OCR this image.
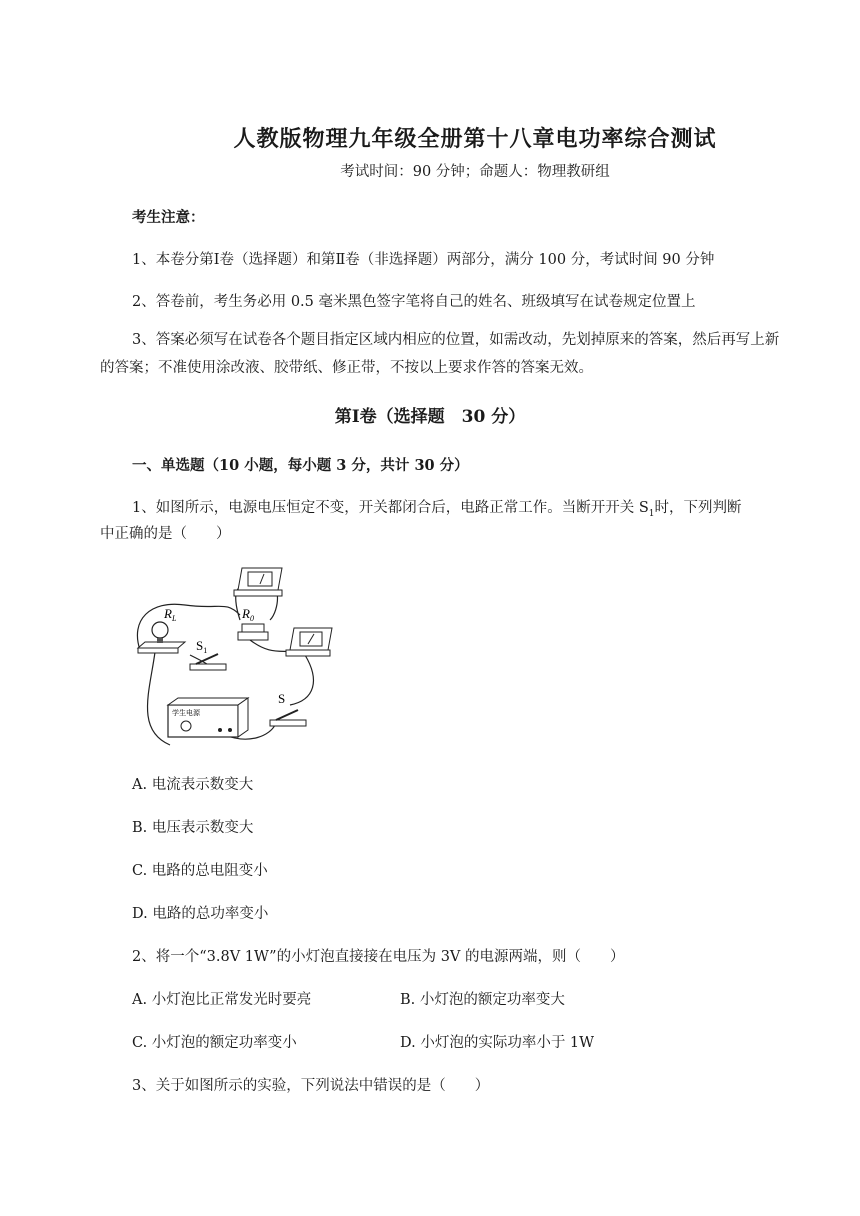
人教版物理九年级全册第十八章电功率综合测试
考试时间：90 分钟；命题人：物理教研组
考生注意：
1、本卷分第Ⅰ卷（选择题）和第Ⅱ卷（非选择题）两部分，满分 100 分，考试时间 90 分钟
2、答卷前，考生务必用 0.5 毫米黑色签字笔将自己的姓名、班级填写在试卷规定位置上
3、答案必须写在试卷各个题目指定区域内相应的位置，如需改动，先划掉原来的答案，然后再写上新的答案；不准使用涂改液、胶带纸、修正带，不按以上要求作答的答案无效。
第Ⅰ卷（选择题　30 分）
一、单选题（10 小题，每小题 3 分，共计 30 分）
1、如图所示，电源电压恒定不变，开关都闭合后，电路正常工作。当断开开关 $S_1$时，下列判断
中正确的是（　　）
$R_L$	$R_0$
$S_1$
S
学生电源
A. 电流表示数变大
B. 电压表示数变大
C. 电路的总电阻变小
D. 电路的总功率变小
2、将一个“3.8V 1W”的小灯泡直接接在电压为 3V 的电源两端，则（　　）
A. 小灯泡比正常发光时要亮	B. 小灯泡的额定功率变大
C. 小灯泡的额定功率变小	D. 小灯泡的实际功率小于 1W
3、关于如图所示的实验，下列说法中错误的是（　　）
